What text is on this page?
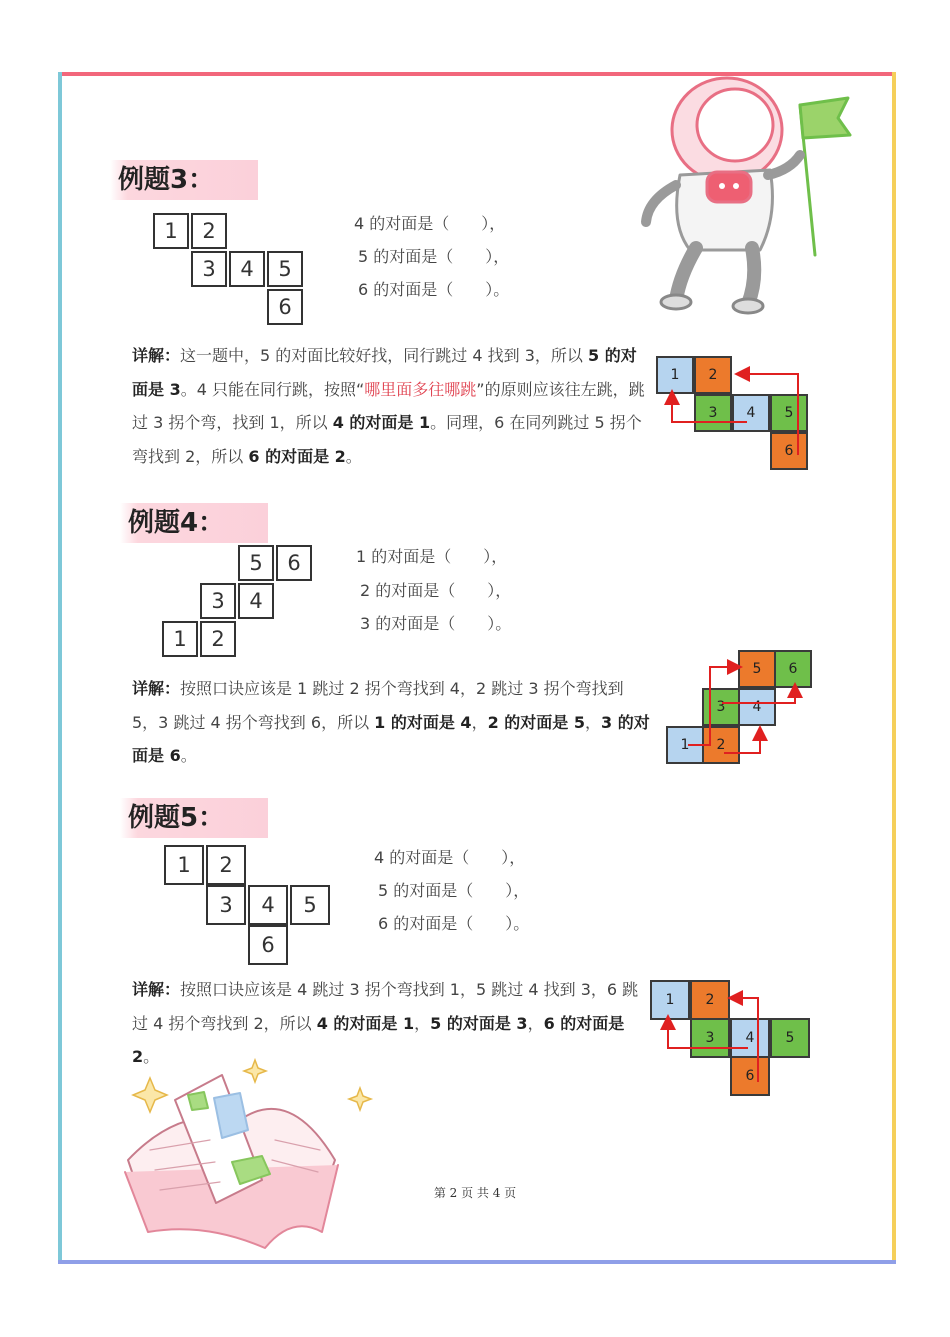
例题3：
1	2
3	4	5
6
4 的对面是（　　），
5 的对面是（　　），
6 的对面是（　　）。
详解：这一题中，5 的对面比较好找，同行跳过 4 找到 3，所以 5 的对面是 3。4 只能在同行跳，按照“哪里面多往哪跳”的原则应该往左跳，跳过 3 拐个弯，找到 1，所以 4 的对面是 1。同理，6 在同列跳过 5 拐个弯找到 2，所以 6 的对面是 2。
1	2
3	4	5
6
例题4：
5	6
3	4
1	2
1 的对面是（　　），
2 的对面是（　　），
3 的对面是（　　）。
详解：按照口诀应该是 1 跳过 2 拐个弯找到 4，2 跳过 3 拐个弯找到 5，3 跳过 4 拐个弯找到 6，所以 1 的对面是 4，2 的对面是 5，3 的对面是 6。
5	6
3	4
1	2
例题5：
1	2
3	4	5
6
4 的对面是（　　），
5 的对面是（　　），
6 的对面是（　　）。
详解：按照口诀应该是 4 跳过 3 拐个弯找到 1，5 跳过 4 找到 3，6 跳过 4 拐个弯找到 2，所以 4 的对面是 1，5 的对面是 3，6 的对面是 2。
1	2
3	4	5
6
第 2 页 共 4 页
